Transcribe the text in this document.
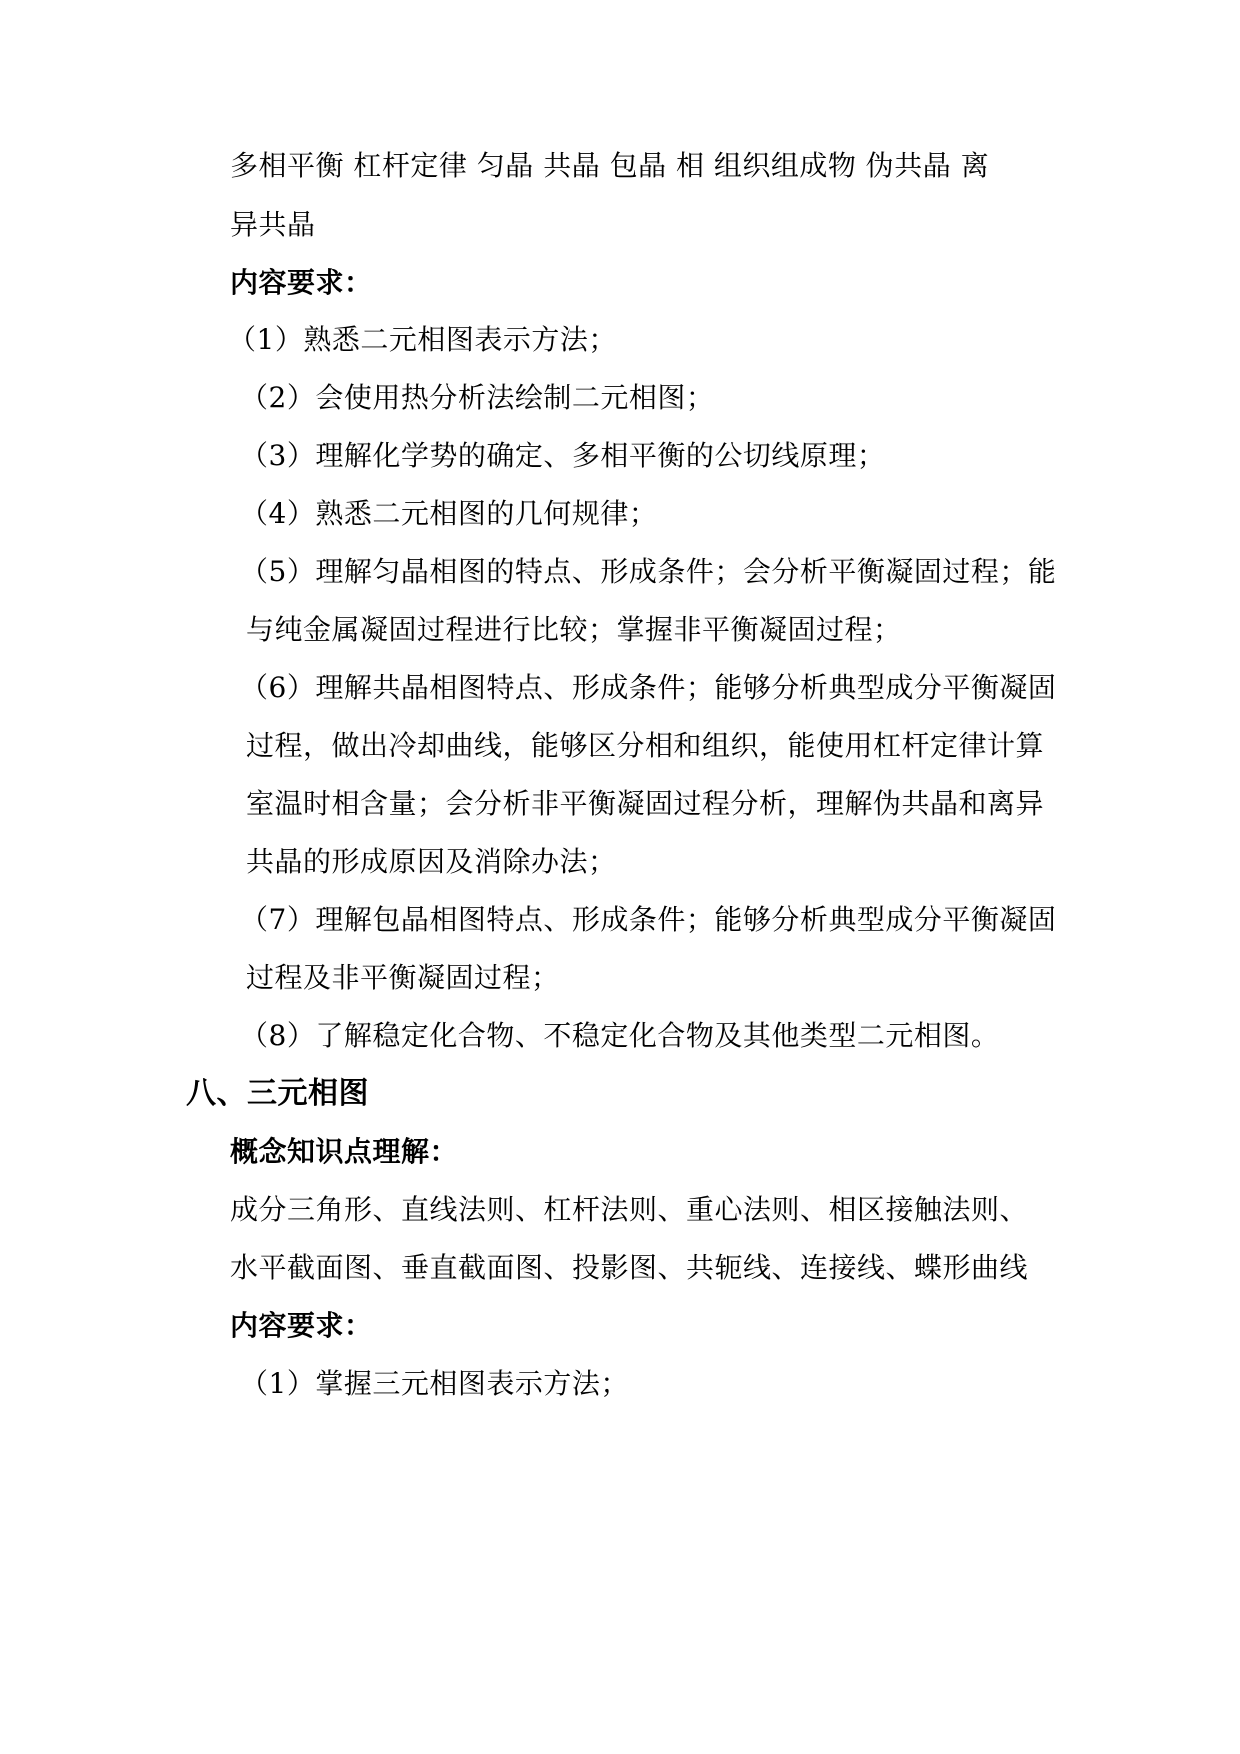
多相平衡 杠杆定律 匀晶 共晶 包晶 相 组织组成物 伪共晶 离
异共晶
内容要求：
（1）熟悉二元相图表示方法；
（2）会使用热分析法绘制二元相图；
（3）理解化学势的确定、多相平衡的公切线原理；
（4）熟悉二元相图的几何规律；
（5）理解匀晶相图的特点、形成条件；会分析平衡凝固过程；能
与纯金属凝固过程进行比较；掌握非平衡凝固过程；
（6）理解共晶相图特点、形成条件；能够分析典型成分平衡凝固
过程，做出冷却曲线，能够区分相和组织，能使用杠杆定律计算
室温时相含量；会分析非平衡凝固过程分析，理解伪共晶和离异
共晶的形成原因及消除办法；
（7）理解包晶相图特点、形成条件；能够分析典型成分平衡凝固
过程及非平衡凝固过程；
（8）了解稳定化合物、不稳定化合物及其他类型二元相图。
八、三元相图
概念知识点理解：
成分三角形、直线法则、杠杆法则、重心法则、相区接触法则、
水平截面图、垂直截面图、投影图、共轭线、连接线、蝶形曲线
内容要求：
（1）掌握三元相图表示方法；
